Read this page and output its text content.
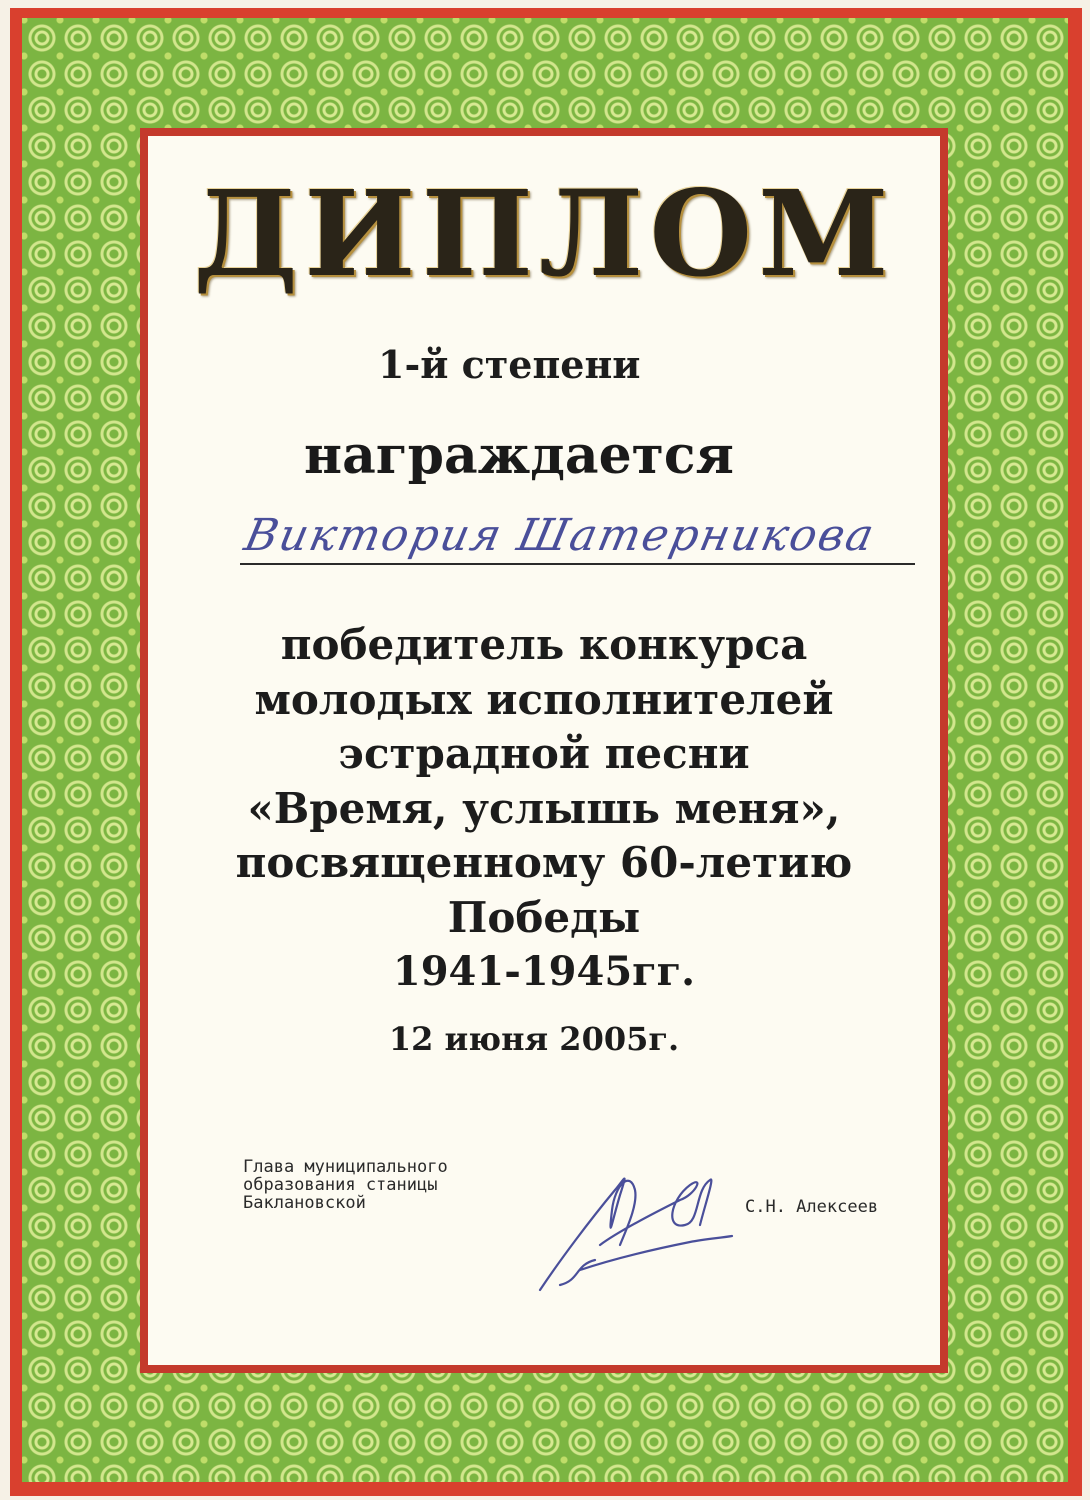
ДИПЛОМ
1-й степени
награждается
Виктория Шатерникова
победитель конкурса
молодых исполнителей
эстрадной песни
«Время, услышь меня»,
посвященному 60-летию
Победы
1941-1945гг.
12 июня 2005г.
Глава муниципального
образования станицы
Баклановской	С.Н. Алексеев
